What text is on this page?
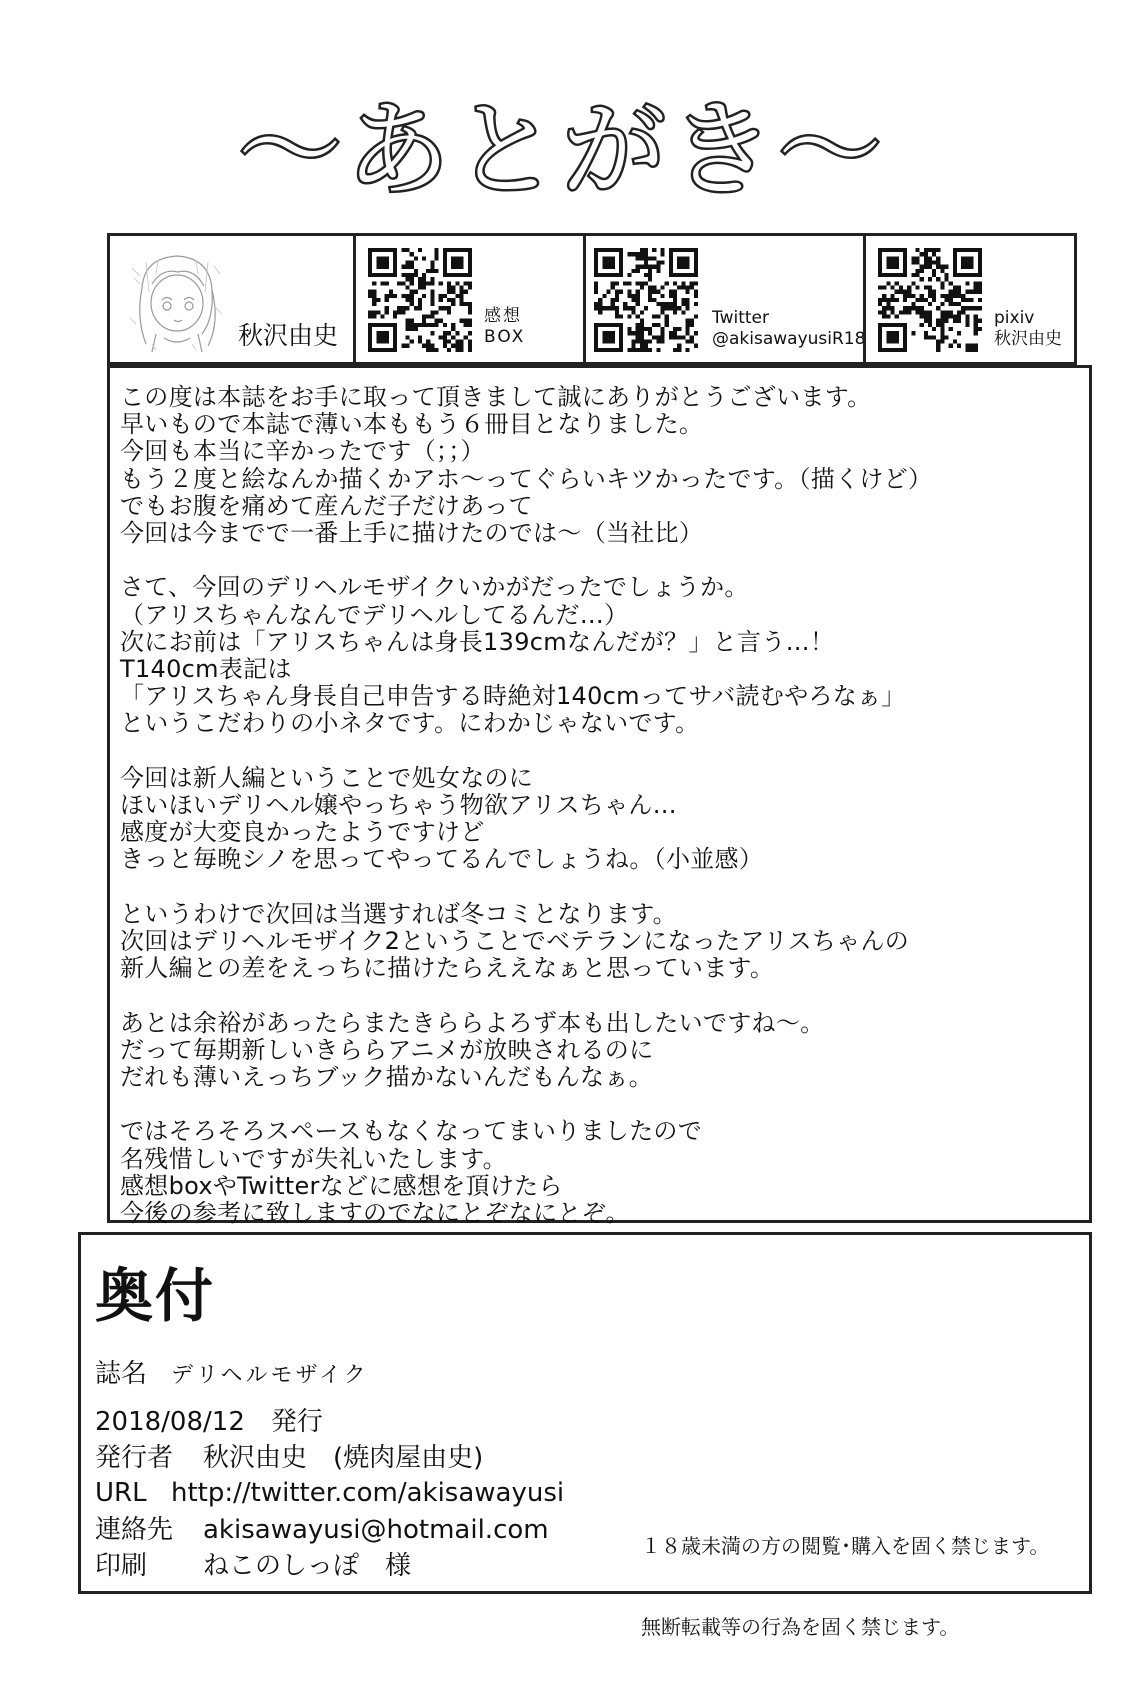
〜あとがき〜
秋沢由史
感想
BOX
Twitter
@akisawayusiR18
pixiv
秋沢由史
この度は本誌をお手に取って頂きまして誠にありがとうございます。
早いもので本誌で薄い本ももう６冊目となりました。
今回も本当に辛かったです（；；）
もう２度と絵なんか描くかアホ〜ってぐらいキツかったです。（描くけど）
でもお腹を痛めて産んだ子だけあって
今回は今までで一番上手に描けたのでは〜（当社比）

さて、今回のデリヘルモザイクいかがだったでしょうか。
（アリスちゃんなんでデリヘルしてるんだ…）
次にお前は「アリスちゃんは身長139cmなんだが？」と言う…！
T140cm表記は
「アリスちゃん身長自己申告する時絶対140cmってサバ読むやろなぁ」
というこだわりの小ネタです。にわかじゃないです。

今回は新人編ということで処女なのに
ほいほいデリヘル嬢やっちゃう物欲アリスちゃん…
感度が大変良かったようですけど
きっと毎晩シノを思ってやってるんでしょうね。（小並感）

というわけで次回は当選すれば冬コミとなります。
次回はデリヘルモザイク2ということでベテランになったアリスちゃんの
新人編との差をえっちに描けたらええなぁと思っています。

あとは余裕があったらまたきららよろず本も出したいですね〜。
だって毎期新しいきららアニメが放映されるのに
だれも薄いえっちブック描かないんだもんなぁ。

ではそろそろスペースもなくなってまいりましたので
名残惜しいですが失礼いたします。
感想boxやTwitterなどに感想を頂けたら
今後の参考に致しますのでなにとぞなにとぞ。
奥付
誌名 デリヘルモザイク
2018/08/12　発行
発行者 秋沢由史　(焼肉屋由史)
URL http://twitter.com/akisawayusi
連絡先 akisawayusi@hotmail.com
印刷 ねこのしっぽ　様

１８歳未満の方の閲覧･購入を固く禁じます。

無断転載等の行為を固く禁じます。
